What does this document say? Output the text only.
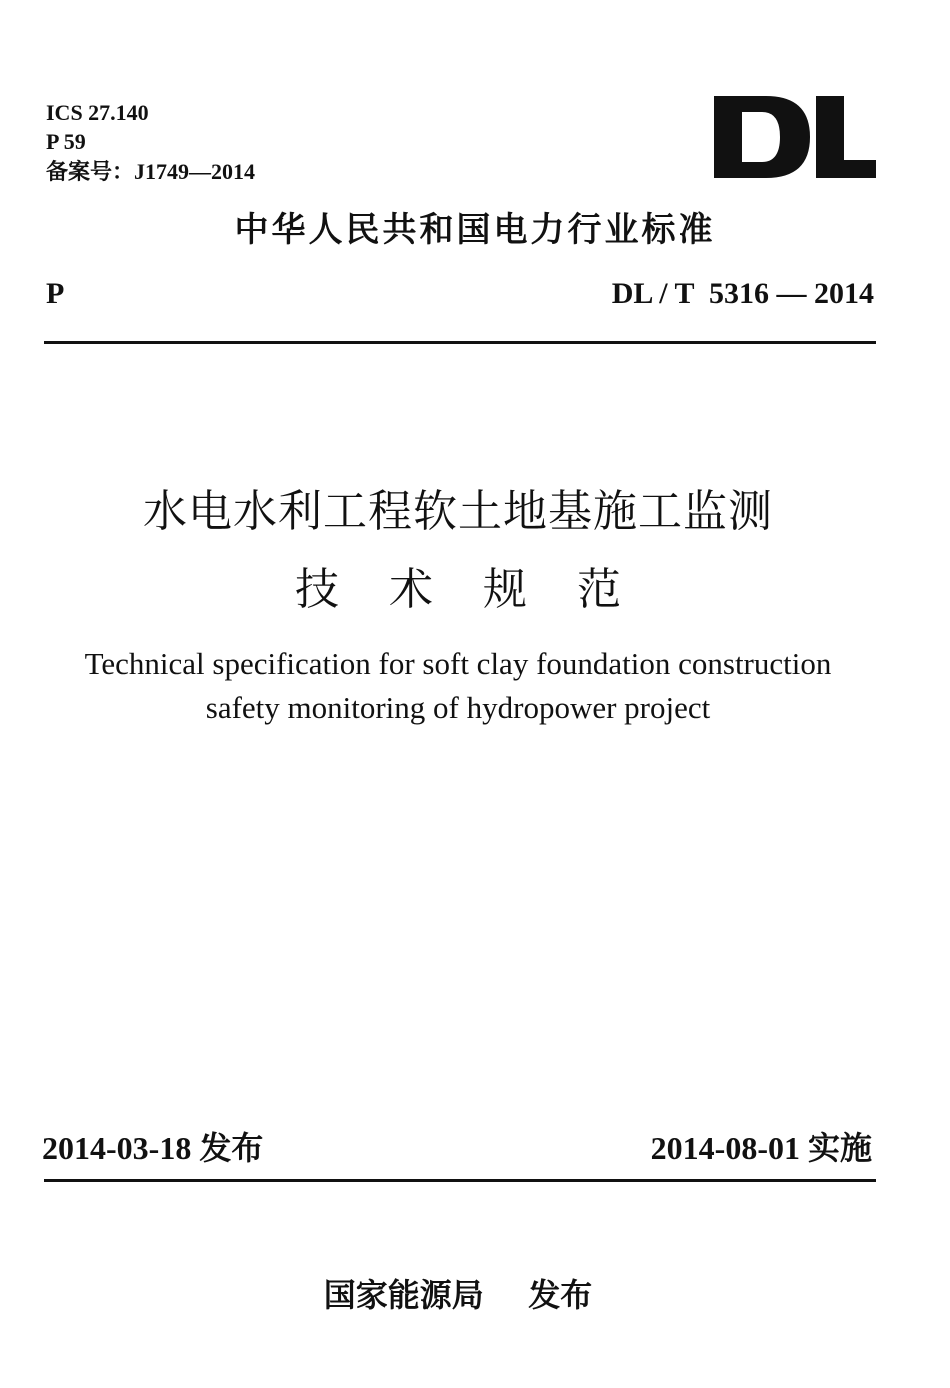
ICS 27.140
P 59
备案号：J1749—2014
中华人民共和国电力行业标准
P	DL / T  5316 — 2014
水电水利工程软土地基施工监测
技术规范
Technical specification for soft clay foundation construction
safety monitoring of hydropower project
2014-03-18 发布	2014-08-01 实施
国家能源局    发布
